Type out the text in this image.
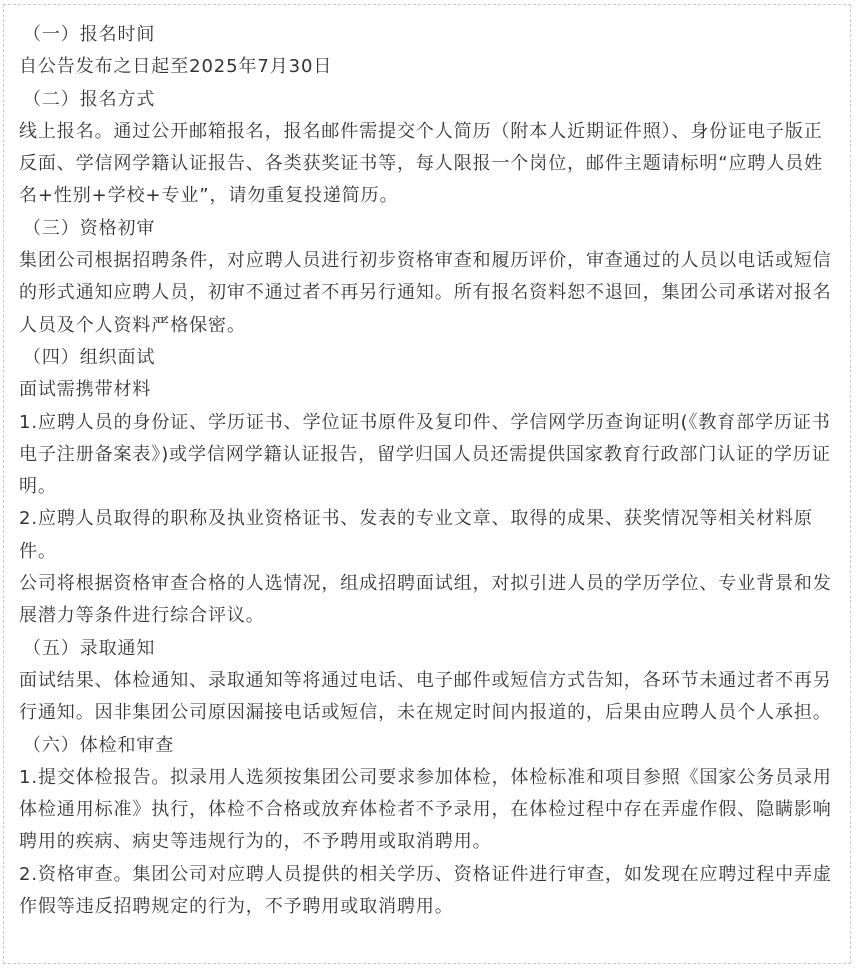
（一）报名时间

自公告发布之日起至2025年7月30日

（二）报名方式

线上报名。通过公开邮箱报名，报名邮件需提交个人简历（附本人近期证件照）、身份证电子版正反面、学信网学籍认证报告、各类获奖证书等，每人限报一个岗位，邮件主题请标明“应聘人员姓名+性别+学校+专业”，请勿重复投递简历。

（三）资格初审

集团公司根据招聘条件，对应聘人员进行初步资格审查和履历评价，审查通过的人员以电话或短信的形式通知应聘人员，初审不通过者不再另行通知。所有报名资料恕不退回，集团公司承诺对报名人员及个人资料严格保密。

（四）组织面试

面试需携带材料

1.应聘人员的身份证、学历证书、学位证书原件及复印件、学信网学历查询证明(《教育部学历证书电子注册备案表》)或学信网学籍认证报告，留学归国人员还需提供国家教育行政部门认证的学历证明。

2.应聘人员取得的职称及执业资格证书、发表的专业文章、取得的成果、获奖情况等相关材料原件。

公司将根据资格审查合格的人选情况，组成招聘面试组，对拟引进人员的学历学位、专业背景和发展潜力等条件进行综合评议。

（五）录取通知

面试结果、体检通知、录取通知等将通过电话、电子邮件或短信方式告知，各环节未通过者不再另行通知。因非集团公司原因漏接电话或短信，未在规定时间内报道的，后果由应聘人员个人承担。

（六）体检和审查

1.提交体检报告。拟录用人选须按集团公司要求参加体检，体检标准和项目参照《国家公务员录用体检通用标准》执行，体检不合格或放弃体检者不予录用，在体检过程中存在弄虚作假、隐瞒影响聘用的疾病、病史等违规行为的，不予聘用或取消聘用。

2.资格审查。集团公司对应聘人员提供的相关学历、资格证件进行审查，如发现在应聘过程中弄虚作假等违反招聘规定的行为，不予聘用或取消聘用。
